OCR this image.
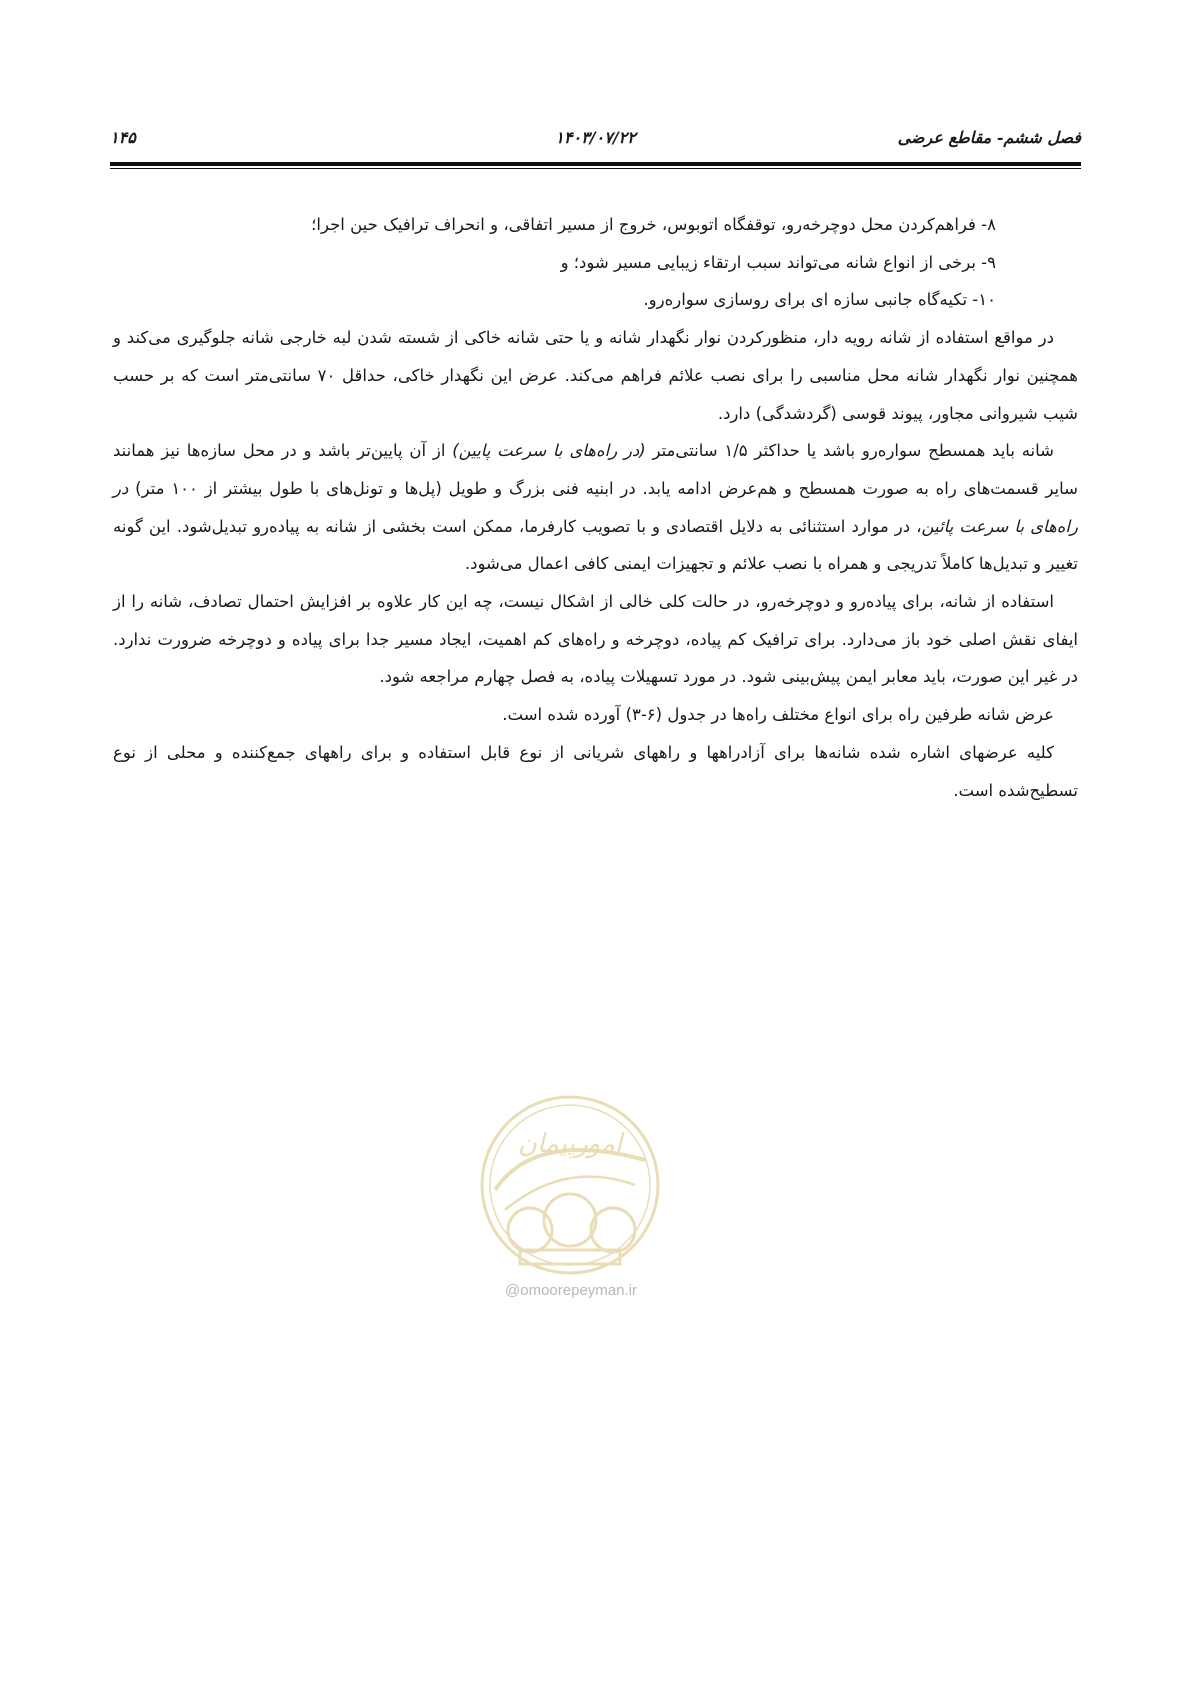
فصل ششم- مقاطع عرضی
۱۴۰۳/۰۷/۲۲
۱۴۵

۸- فراهم‌کردن محل دوچرخه‌رو، توقفگاه اتوبوس، خروج از مسیر اتفاقی، و انحراف ترافیک حین اجرا؛

۹- برخی از انواع شانه می‌تواند سبب ارتقاء زیبایی مسیر شود؛ و

۱۰- تکیه‌گاه جانبی سازه ای برای روسازی سواره‌رو.

در مواقع استفاده از شانه رویه دار، منظورکردن نوار نگهدار شانه و یا حتی شانه خاکی از شسته شدن لبه خارجی شانه جلوگیری می‌کند و همچنین نوار نگهدار شانه محل مناسبی را برای نصب علائم فراهم می‌کند. عرض این نگهدار خاکی، حداقل ۷۰ سانتی‌متر است که بر حسب شیب شیروانی مجاور، پیوند قوسی (گردشدگی) دارد.

شانه باید همسطح سواره‌رو باشد یا حداکثر ۱/۵ سانتی‌متر (در راه‌های با سرعت پایین) از آن پایین‌تر باشد و در محل سازه‌ها نیز همانند سایر قسمت‌های راه به صورت همسطح و هم‌عرض ادامه یابد. در ابنیه فنی بزرگ و طویل (پل‌ها و تونل‌های با طول بیشتر از ۱۰۰ متر) در راه‌های با سرعت پائین، در موارد استثنائی به دلایل اقتصادی و با تصویب کارفرما، ممکن است بخشی از شانه به پیاده‌رو تبدیل‌شود. این گونه تغییر و تبدیل‌ها کاملاً تدریجی و همراه با نصب علائم و تجهیزات ایمنی کافی اعمال می‌شود.

استفاده از شانه، برای پیاده‌رو و دوچرخه‌رو، در حالت کلی خالی از اشکال نیست، چه این کار علاوه بر افزایش احتمال تصادف، شانه را از ایفای نقش اصلی خود باز می‌دارد. برای ترافیک کم پیاده، دوچرخه و راه‌های کم اهمیت، ایجاد مسیر جدا برای پیاده و دوچرخه ضرورت ندارد. در غیر این صورت، باید معابر ایمن پیش‌بینی شود. در مورد تسهیلات پیاده، به فصل چهارم مراجعه شود.

عرض شانه طرفین راه برای انواع مختلف راه‌ها در جدول (۶-۳) آورده شده است.

کلیه عرضهای اشاره شده شانه‌ها برای آزادراهها و راههای شریانی از نوع قابل استفاده و برای راههای جمع‌کننده و محلی از نوع تسطیح‌شده است.

امورپیمان
@omoorepeyman.ir
